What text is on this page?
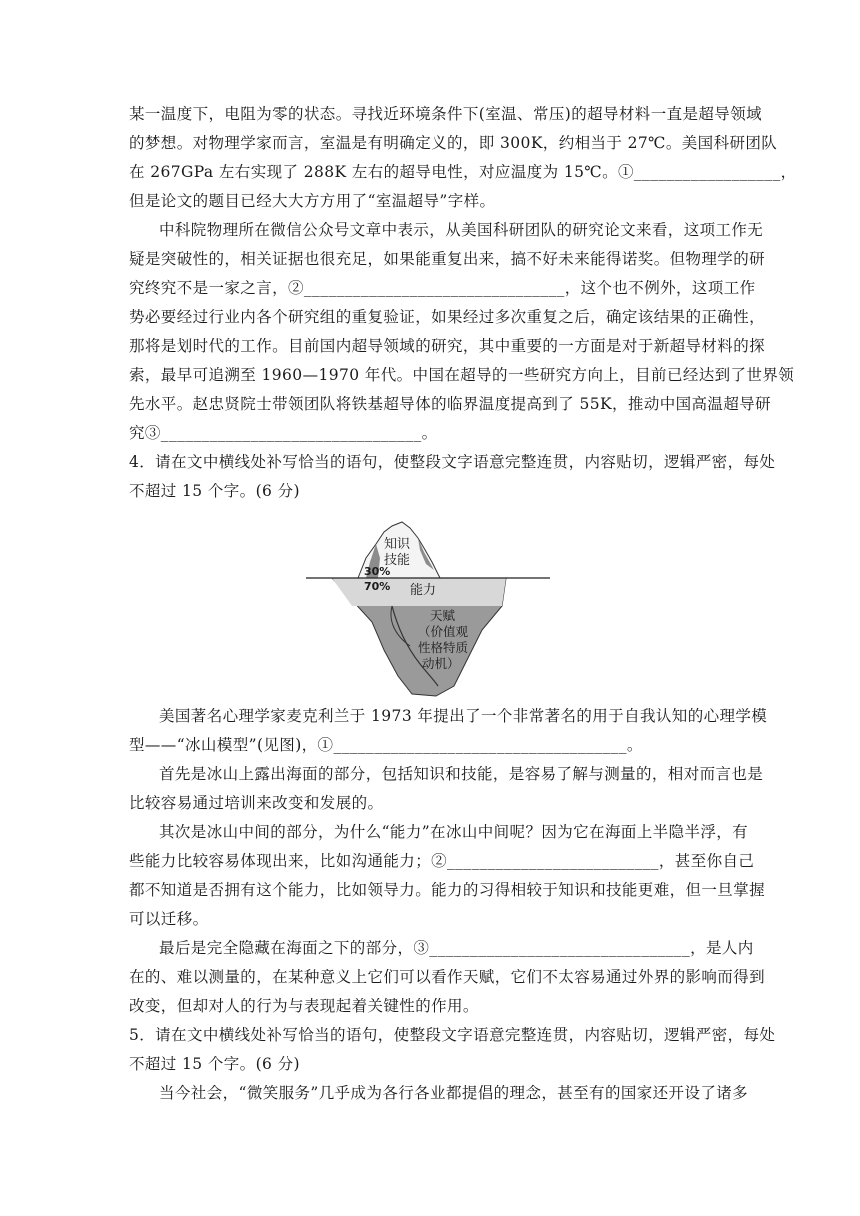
某一温度下，电阻为零的状态。寻找近环境条件下(室温、常压)的超导材料一直是超导领域
的梦想。对物理学家而言，室温是有明确定义的，即 300K，约相当于 27℃。美国科研团队
在 267GPa 左右实现了 288K 左右的超导电性，对应温度为 15℃。①__________________，
但是论文的题目已经大大方方用了“室温超导”字样。
中科院物理所在微信公众号文章中表示，从美国科研团队的研究论文来看，这项工作无
疑是突破性的，相关证据也很充足，如果能重复出来，搞不好未来能得诺奖。但物理学的研
究终究不是一家之言，②________________________________，这个也不例外，这项工作
势必要经过行业内各个研究组的重复验证，如果经过多次重复之后，确定该结果的正确性，
那将是划时代的工作。目前国内超导领域的研究，其中重要的一方面是对于新超导材料的探
索，最早可追溯至 1960—1970 年代。中国在超导的一些研究方向上，目前已经达到了世界领
先水平。赵忠贤院士带领团队将铁基超导体的临界温度提高到了 55K，推动中国高温超导研
究③________________________________。
4．请在文中横线处补写恰当的语句，使整段文字语意完整连贯，内容贴切，逻辑严密，每处
不超过 15 个字。(6 分)
知识
技能
30%
70% 能力
天赋
（价值观
性格特质
动机）
美国著名心理学家麦克利兰于 1973 年提出了一个非常著名的用于自我认知的心理学模
型——“冰山模型”(见图)，①____________________________________。
首先是冰山上露出海面的部分，包括知识和技能，是容易了解与测量的，相对而言也是
比较容易通过培训来改变和发展的。
其次是冰山中间的部分，为什么“能力”在冰山中间呢？因为它在海面上半隐半浮，有
些能力比较容易体现出来，比如沟通能力；②__________________________，甚至你自己
都不知道是否拥有这个能力，比如领导力。能力的习得相较于知识和技能更难，但一旦掌握
可以迁移。
最后是完全隐藏在海面之下的部分，③________________________________，是人内
在的、难以测量的，在某种意义上它们可以看作天赋，它们不太容易通过外界的影响而得到
改变，但却对人的行为与表现起着关键性的作用。
5．请在文中横线处补写恰当的语句，使整段文字语意完整连贯，内容贴切，逻辑严密，每处
不超过 15 个字。(6 分)
当今社会，“微笑服务”几乎成为各行各业都提倡的理念，甚至有的国家还开设了诸多
